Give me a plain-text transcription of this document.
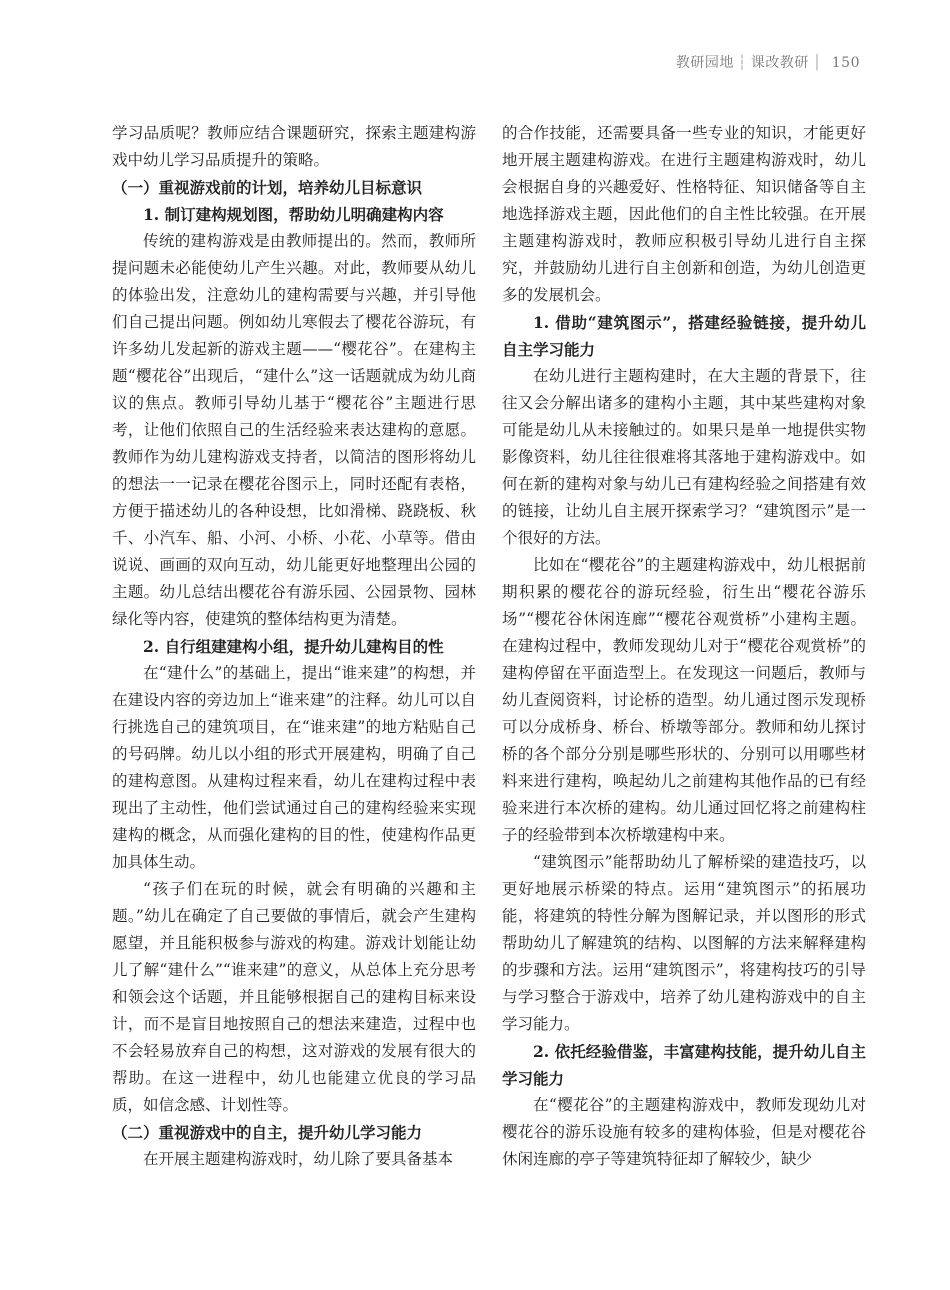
教研园地 ┆ 课改教研 │ 150

学习品质呢？教师应结合课题研究，探索主题建构游戏中幼儿学习品质提升的策略。

（一）重视游戏前的计划，培养幼儿目标意识
1. 制订建构规划图，帮助幼儿明确建构内容

传统的建构游戏是由教师提出的。然而，教师所提问题未必能使幼儿产生兴趣。对此，教师要从幼儿的体验出发，注意幼儿的建构需要与兴趣，并引导他们自己提出问题。例如幼儿寒假去了樱花谷游玩，有许多幼儿发起新的游戏主题——“樱花谷”。在建构主题“樱花谷”出现后，“建什么”这一话题就成为幼儿商议的焦点。教师引导幼儿基于“樱花谷”主题进行思考，让他们依照自己的生活经验来表达建构的意愿。教师作为幼儿建构游戏支持者，以简洁的图形将幼儿的想法一一记录在樱花谷图示上，同时还配有表格，方便于描述幼儿的各种设想，比如滑梯、跷跷板、秋千、小汽车、船、小河、小桥、小花、小草等。借由说说、画画的双向互动，幼儿能更好地整理出公园的主题。幼儿总结出樱花谷有游乐园、公园景物、园林绿化等内容，使建筑的整体结构更为清楚。

2. 自行组建建构小组，提升幼儿建构目的性

在“建什么”的基础上，提出“谁来建”的构想，并在建设内容的旁边加上“谁来建”的注释。幼儿可以自行挑选自己的建筑项目，在“谁来建”的地方粘贴自己的号码牌。幼儿以小组的形式开展建构，明确了自己的建构意图。从建构过程来看，幼儿在建构过程中表现出了主动性，他们尝试通过自己的建构经验来实现建构的概念，从而强化建构的目的性，使建构作品更加具体生动。

“孩子们在玩的时候，就会有明确的兴趣和主题。”幼儿在确定了自己要做的事情后，就会产生建构愿望，并且能积极参与游戏的构建。游戏计划能让幼儿了解“建什么”“谁来建”的意义，从总体上充分思考和领会这个话题，并且能够根据自己的建构目标来设计，而不是盲目地按照自己的想法来建造，过程中也不会轻易放弃自己的构想，这对游戏的发展有很大的帮助。在这一进程中，幼儿也能建立优良的学习品质，如信念感、计划性等。

（二）重视游戏中的自主，提升幼儿学习能力

在开展主题建构游戏时，幼儿除了要具备基本

的合作技能，还需要具备一些专业的知识，才能更好地开展主题建构游戏。在进行主题建构游戏时，幼儿会根据自身的兴趣爱好、性格特征、知识储备等自主地选择游戏主题，因此他们的自主性比较强。在开展主题建构游戏时，教师应积极引导幼儿进行自主探究，并鼓励幼儿进行自主创新和创造，为幼儿创造更多的发展机会。

1. 借助“建筑图示”，搭建经验链接，提升幼儿自主学习能力

在幼儿进行主题构建时，在大主题的背景下，往往又会分解出诸多的建构小主题，其中某些建构对象可能是幼儿从未接触过的。如果只是单一地提供实物影像资料，幼儿往往很难将其落地于建构游戏中。如何在新的建构对象与幼儿已有建构经验之间搭建有效的链接，让幼儿自主展开探索学习？“建筑图示”是一个很好的方法。

比如在“樱花谷”的主题建构游戏中，幼儿根据前期积累的樱花谷的游玩经验，衍生出“樱花谷游乐场”“樱花谷休闲连廊”“樱花谷观赏桥”小建构主题。在建构过程中，教师发现幼儿对于“樱花谷观赏桥”的建构停留在平面造型上。在发现这一问题后，教师与幼儿查阅资料，讨论桥的造型。幼儿通过图示发现桥可以分成桥身、桥台、桥墩等部分。教师和幼儿探讨桥的各个部分分别是哪些形状的、分别可以用哪些材料来进行建构，唤起幼儿之前建构其他作品的已有经验来进行本次桥的建构。幼儿通过回忆将之前建构柱子的经验带到本次桥墩建构中来。

“建筑图示”能帮助幼儿了解桥梁的建造技巧，以更好地展示桥梁的特点。运用“建筑图示”的拓展功能，将建筑的特性分解为图解记录，并以图形的形式帮助幼儿了解建筑的结构、以图解的方法来解释建构的步骤和方法。运用“建筑图示”，将建构技巧的引导与学习整合于游戏中，培养了幼儿建构游戏中的自主学习能力。

2. 依托经验借鉴，丰富建构技能，提升幼儿自主学习能力

在“樱花谷”的主题建构游戏中，教师发现幼儿对樱花谷的游乐设施有较多的建构体验，但是对樱花谷休闲连廊的亭子等建筑特征却了解较少，缺少
